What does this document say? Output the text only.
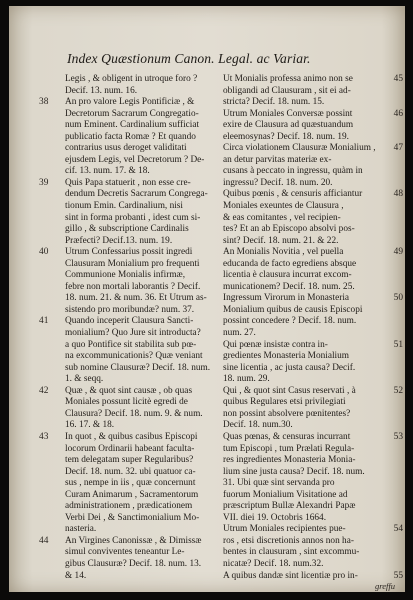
Index Quæstionum Canon. Legal. ac Variar.
Legis , & obligent in utroque foro ?
Decif. 13. num. 16.
38 An pro valore Legis Pontificiæ , &
Decretorum Sacrarum Congregatio-
num Eminent. Cardinalium sufficiat
publicatio facta Romæ ? Et quando
contrarius usus deroget validitati
ejusdem Legis, vel Decretorum ? De-
cif. 13. num. 17. & 18.
39 Quis Papa statuerit , non esse cre-
dendum Decretis Sacrarum Congrega-
tionum Emin. Cardinalium, nisi
sint in forma probanti , idest cum si-
gillo , & subscriptione Cardinalis
Præfecti? Decif.13. num. 19.
40 Utrum Confessarius possit ingredi
Clausuram Monialium pro frequenti
Communione Monialis infirmæ,
febre non mortali laborantis ? Decif.
18. num. 21. & num. 36. Et Utrum as-
sistendo pro moribundæ? num. 37.
41 Quando inceperit Clausura Sancti-
monialium? Quo Jure sit introducta?
a quo Pontifice sit stabilita sub pœ-
na excommunicationis? Quæ veniant
sub nomine Clausuræ? Decif. 18. num.
1. & seqq.
42 Quæ , & quot sint causæ , ob quas
Moniales possunt licitè egredi de
Clausura? Decif. 18. num. 9. & num.
16. 17. & 18.
43 In quot , & quibus casibus Episcopi
locorum Ordinarii habeant faculta-
tem delegatam super Regularibus?
Decif. 18. num. 32. ubi quatuor ca-
sus , nempe in iis , quæ concernunt
Curam Animarum , Sacramentorum
administrationem , prædicationem
Verbi Dei , & Sanctimonialium Mo-
nasteria.
44 An Virgines Canonissæ , & Dimissæ
simul conviventes teneantur Le-
gibus Clausuræ? Decif. 18. num. 13.
& 14.
45
Ut Monialis professa animo non se
obligandi ad Clausuram , sit ei ad-
stricta? Decif. 18. num. 15.
46
Utrum Moniales Conversæ possint
exire de Clausura ad quæstuandum
eleemosynas? Decif. 18. num. 19.
47
Circa violationem Clausuræ Monialium ,
an detur parvitas materiæ ex-
cusans à peccato in ingressu, quàm in
ingressu? Decif. 18. num. 20.
48
Quibus pœnis , & censuris afficiantur
Moniales exeuntes de Clausura ,
& eas comitantes , vel recipien-
tes? Et an ab Episcopo absolvi pos-
sint? Decif. 18. num. 21. & 22.
49
An Monialis Novitia , vel puella
educanda de facto egrediens absque
licentia è clausura incurrat excom-
municationem? Decif. 18. num. 25.
50
Ingressum Virorum in Monasteria
Monialium quibus de causis Episcopi
possint concedere ? Decif. 18. num.
num. 27.
51
Qui pœnæ insistæ contra in-
gredientes Monasteria Monialium
sine licentia , ac justa causa? Decif.
18. num. 29.
52
Qui , & quot sint Casus reservati , à
quibus Regulares etsi privilegiati
non possint absolvere pœnitentes?
Decif. 18. num.30.
53
Quas pœnas, & censuras incurrant
tum Episcopi , tum Prælati Regula-
res ingredientes Monasteria Monia-
lium sine justa causa? Decif. 18. num.
31. Ubi quæ sint servanda pro
fuorum Monialium Visitatione ad
præscriptum Bullæ Alexandri Papæ
VII. diei 19. Octobris 1664.
54
Utrum Moniales recipientes pue-
ros , etsi discretionis annos non ha-
bentes in clausuram , sint excommu-
nicatæ? Decif. 18. num.32.
55
A quibus dandæ sint licentiæ pro in-
greffu
